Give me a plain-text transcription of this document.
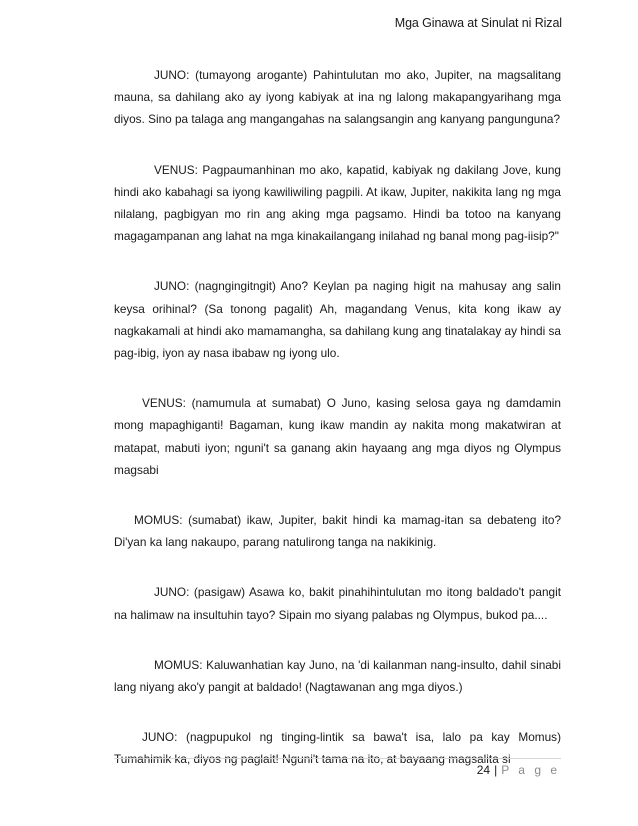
Mga Ginawa at Sinulat ni Rizal

JUNO: (tumayong arogante) Pahintulutan mo ako, Jupiter, na magsalitang mauna, sa dahilang ako ay iyong kabiyak at ina ng lalong makapangyarihang mga diyos. Sino pa talaga ang mangangahas na salangsangin ang kanyang pangunguna?

VENUS: Pagpaumanhinan mo ako, kapatid, kabiyak ng dakilang Jove, kung hindi ako kabahagi sa iyong kawiliwiling pagpili. At ikaw, Jupiter, nakikita lang ng mga nilalang, pagbigyan mo rin ang aking mga pagsamo. Hindi ba totoo na kanyang magagampanan ang lahat na mga kinakailangang inilahad ng banal mong pag-iisip?"

JUNO: (nagngingitngit) Ano? Keylan pa naging higit na mahusay ang salin keysa orihinal? (Sa tonong pagalit) Ah, magandang Venus, kita kong ikaw ay nagkakamali at hindi ako mamamangha, sa dahilang kung ang tinatalakay ay hindi sa pag-ibig, iyon ay nasa ibabaw ng iyong ulo.

VENUS: (namumula at sumabat) O Juno, kasing selosa gaya ng damdamin mong mapaghiganti! Bagaman, kung ikaw mandin ay nakita mong makatwiran at matapat, mabuti iyon; nguni't sa ganang akin hayaang ang mga diyos ng Olympus magsabi

MOMUS: (sumabat) ikaw, Jupiter, bakit hindi ka mamag-itan sa debateng ito? Di'yan ka lang nakaupo, parang natulirong tanga na nakikinig.

JUNO: (pasigaw) Asawa ko, bakit pinahihintulutan mo itong baldado't pangit na halimaw na insultuhin tayo? Sipain mo siyang palabas ng Olympus, bukod pa....

MOMUS: Kaluwanhatian kay Juno, na 'di kailanman nang-insulto, dahil sinabi lang niyang ako'y pangit at baldado! (Nagtawanan ang mga diyos.)

JUNO: (nagpupukol ng tinging-lintik sa bawa't isa, lalo pa kay Momus) Tumahimik ka, diyos ng paglait! Nguni't tama na ito, at bayaang magsalita si

24 | P a g e
